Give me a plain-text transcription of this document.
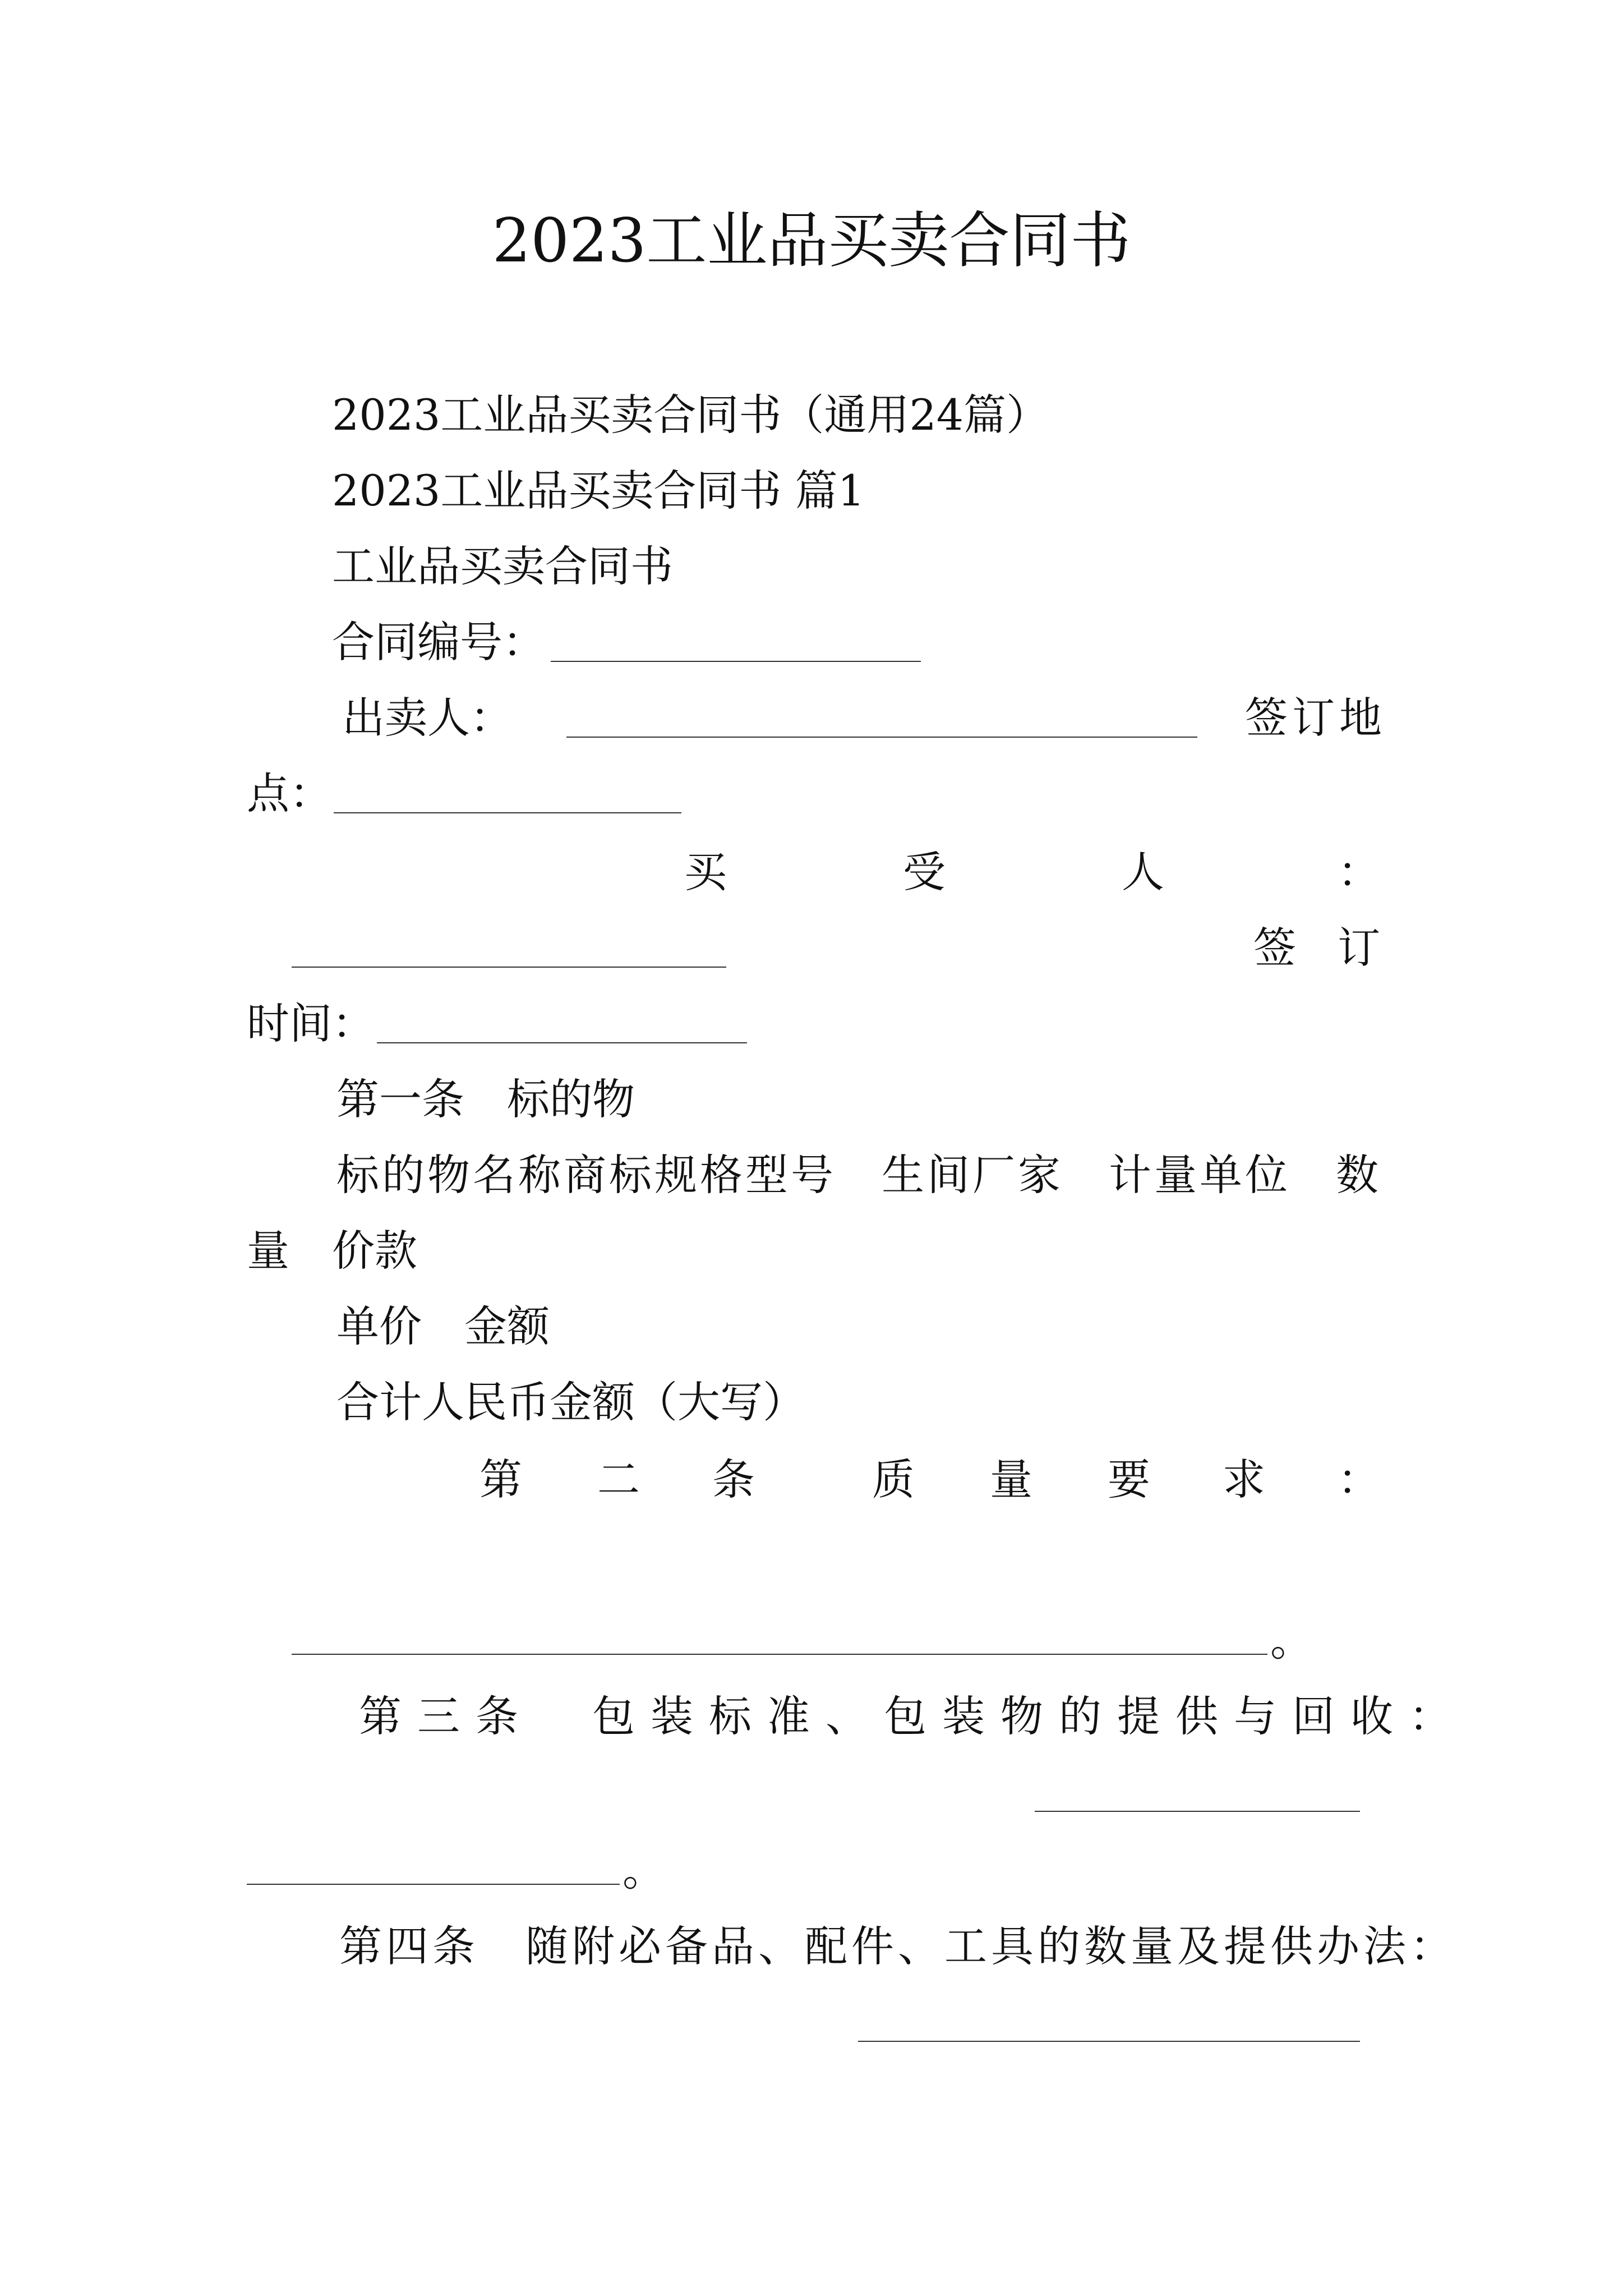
2023工业品买卖合同书
2023工业品买卖合同书（通用24篇）
2023工业品买卖合同书 篇1
工业品买卖合同书
合同编号：
出卖人：	签订地
点：
买	受	人	：
签 订
时间：
第一条　标的物
标的物名称商标规格型号　生间厂家　计量单位　数
量　价款
单价　金额
合计人民币金额（大写）
第 二 条	质 量 要 求 ：
。
第三条　包装标准、包装物的提供与回收：
。
第四条　随附必备品、配件、工具的数量及提供办法：
